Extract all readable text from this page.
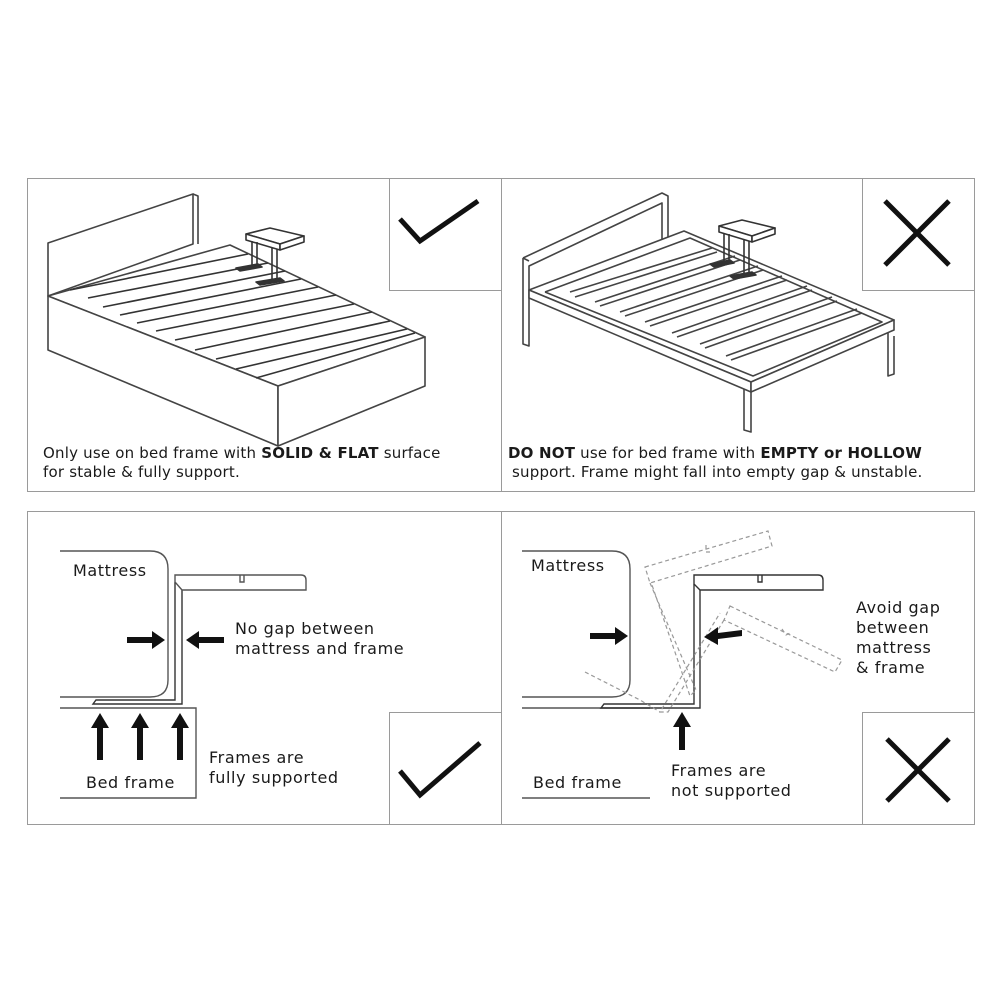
Only use on bed frame with SOLID & FLAT surface
for stable & fully support.
DO NOT use for bed frame with EMPTY or HOLLOW
support. Frame might fall into empty gap & unstable.
Mattress
No gap between
mattress and frame
Frames are
fully supported
Bed frame
Mattress
Avoid gap
between
mattress
& frame
Frames are
not supported
Bed frame
